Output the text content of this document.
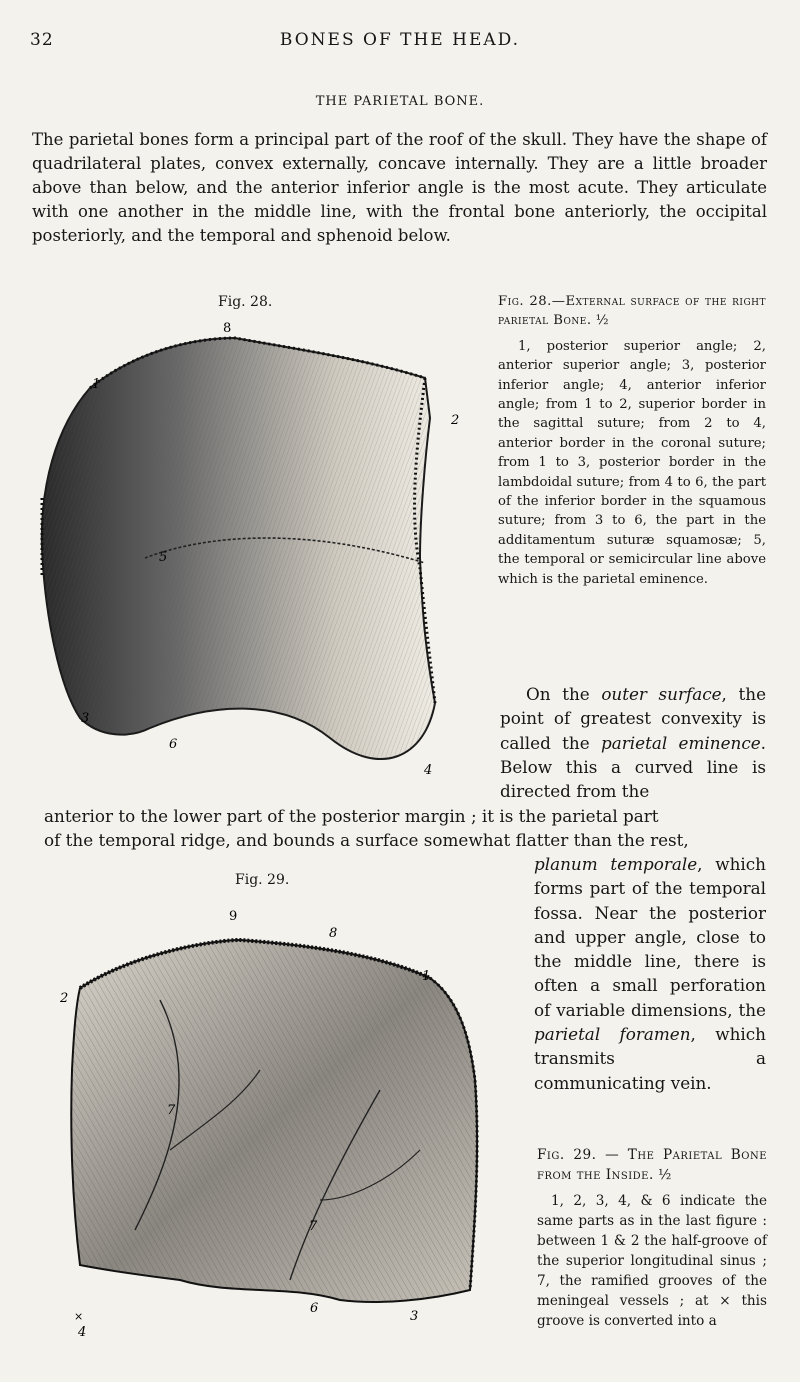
32	BONES OF THE HEAD.
THE PARIETAL BONE.
The parietal bones form a principal part of the roof of the skull. They have the shape of quadrilateral plates, convex externally, concave internally. They are a little broader above than below, and the anterior inferior angle is the most acute. They articulate with one another in the middle line, with the frontal bone anteriorly, the occipital posteriorly, and the temporal and sphenoid below.
Fig. 28.
8
1
2
5
3
6
4
Fig. 28.—External surface of the right parietal Bone. ½
1, posterior superior angle; 2, anterior superior angle; 3, posterior inferior angle; 4, anterior inferior angle; from 1 to 2, superior border in the sagittal suture; from 2 to 4, anterior border in the coronal suture; from 1 to 3, posterior border in the lambdoidal suture; from 4 to 6, the part of the inferior border in the squamous suture; from 3 to 6, the part in the additamentum suturæ squamosæ; 5, the temporal or semicircular line above which is the parietal eminence.
On the outer surface, the point of greatest convexity is called the parietal eminence. Below this a curved line is directed from the
anterior to the lower part of the posterior margin ; it is the parietal part
of the temporal ridge, and bounds a surface somewhat flatter than the rest,
planum temporale, which forms part of the temporal fossa. Near the posterior and upper angle, close to the middle line, there is often a small perforation of variable dimensions, the parietal foramen, which transmits a communicating vein.
Fig. 29.
9
8
1
2
7
7
×
4
6
3
Fig. 29. — The Parietal Bone from the Inside. ½
1, 2, 3, 4, & 6 indicate the same parts as in the last figure : between 1 & 2 the half-groove of the superior longitudinal sinus ; 7, the ramified grooves of the meningeal vessels ; at × this groove is converted into a
